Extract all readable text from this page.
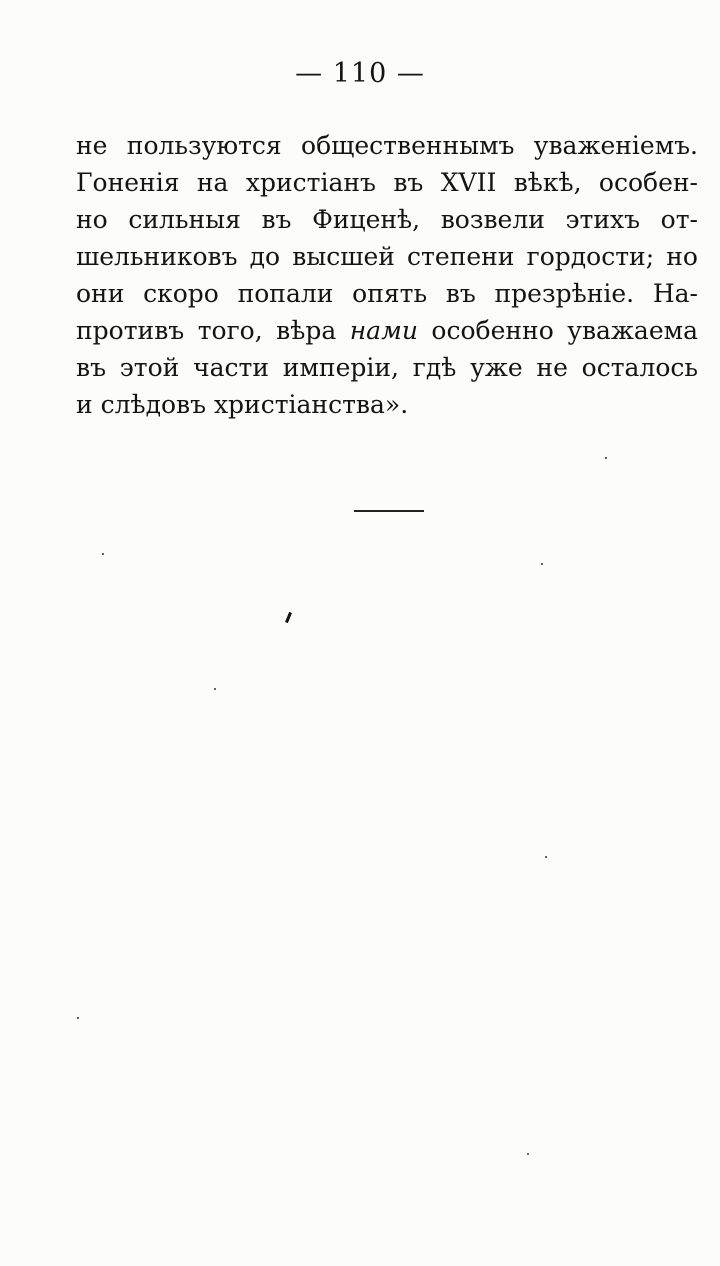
— 110 —
не пользуются общественнымъ уваженіемъ.
Гоненія на христіанъ въ XVII вѣкѣ, особен-
но сильныя въ Фиценѣ, возвели этихъ от-
шельниковъ до высшей степени гордости; но
они скоро попали опять въ презрѣніе. На-
противъ того, вѣра нами особенно уважаема
въ этой части имперіи, гдѣ уже не осталось
и слѣдовъ христіанства».
